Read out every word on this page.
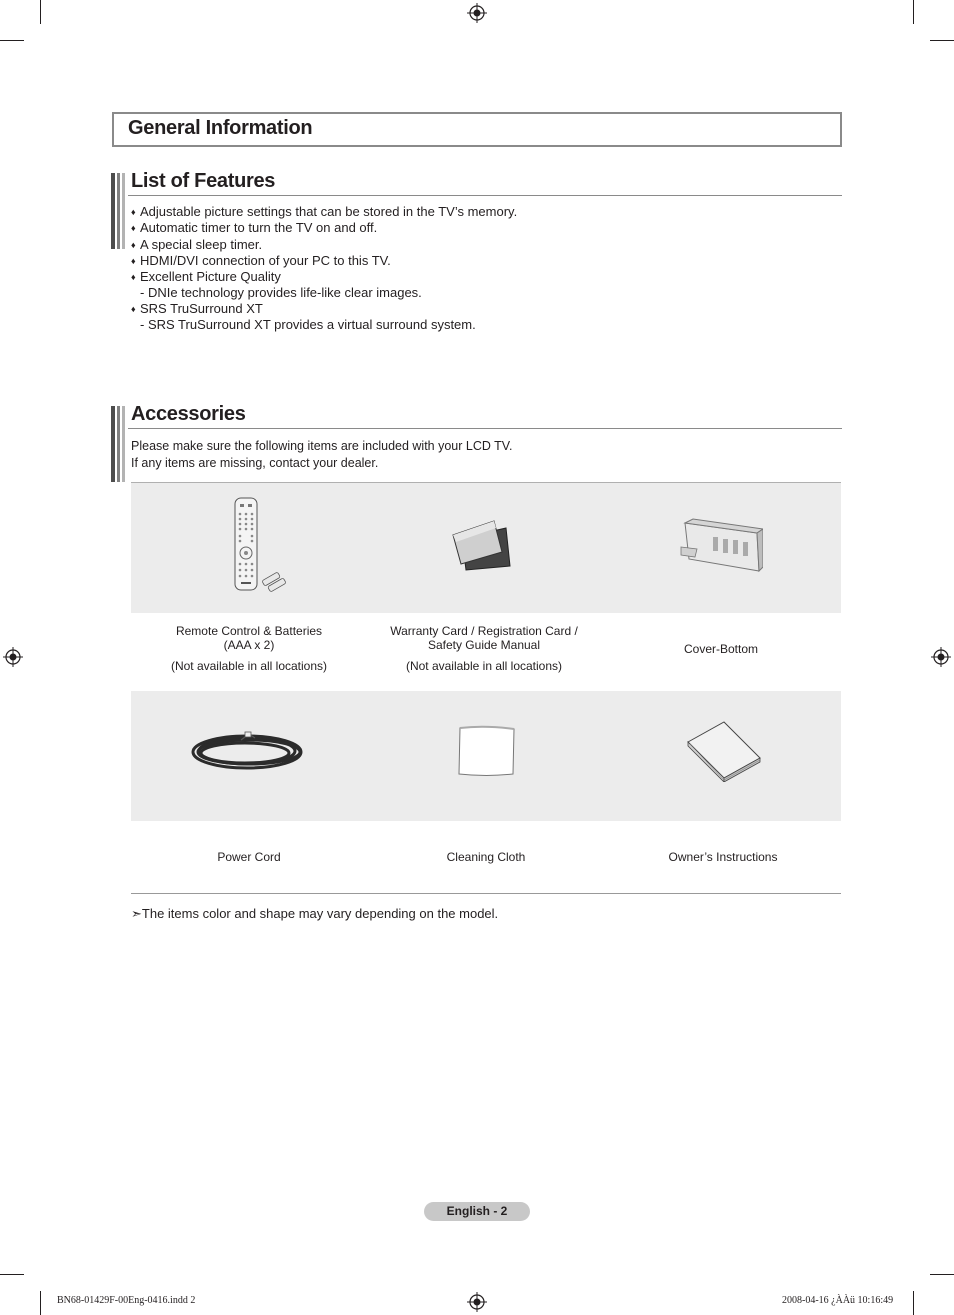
General Information
List of Features
♦ Adjustable picture settings that can be stored in the TV’s memory.
♦ Automatic timer to turn the TV on and off.
♦ A special sleep timer.
♦ HDMI/DVI connection of your PC to this TV.
♦ Excellent Picture Quality
- DNIe technology provides life-like clear images.
♦ SRS TruSurround XT
- SRS TruSurround XT provides a virtual surround system.
Accessories
Please make sure the following items are included with your LCD TV.
If any items are missing, contact your dealer.
Remote Control & Batteries
(AAA x 2)
(Not available in all locations)
Warranty Card / Registration Card /
Safety Guide Manual
(Not available in all locations)
Cover-Bottom
Power Cord	Cleaning Cloth	Owner’s Instructions
➣The items color and shape may vary depending on the model.
English - 2
BN68-01429F-00Eng-0416.indd 2	2008-04-16 ¿ÀÀü 10:16:49
